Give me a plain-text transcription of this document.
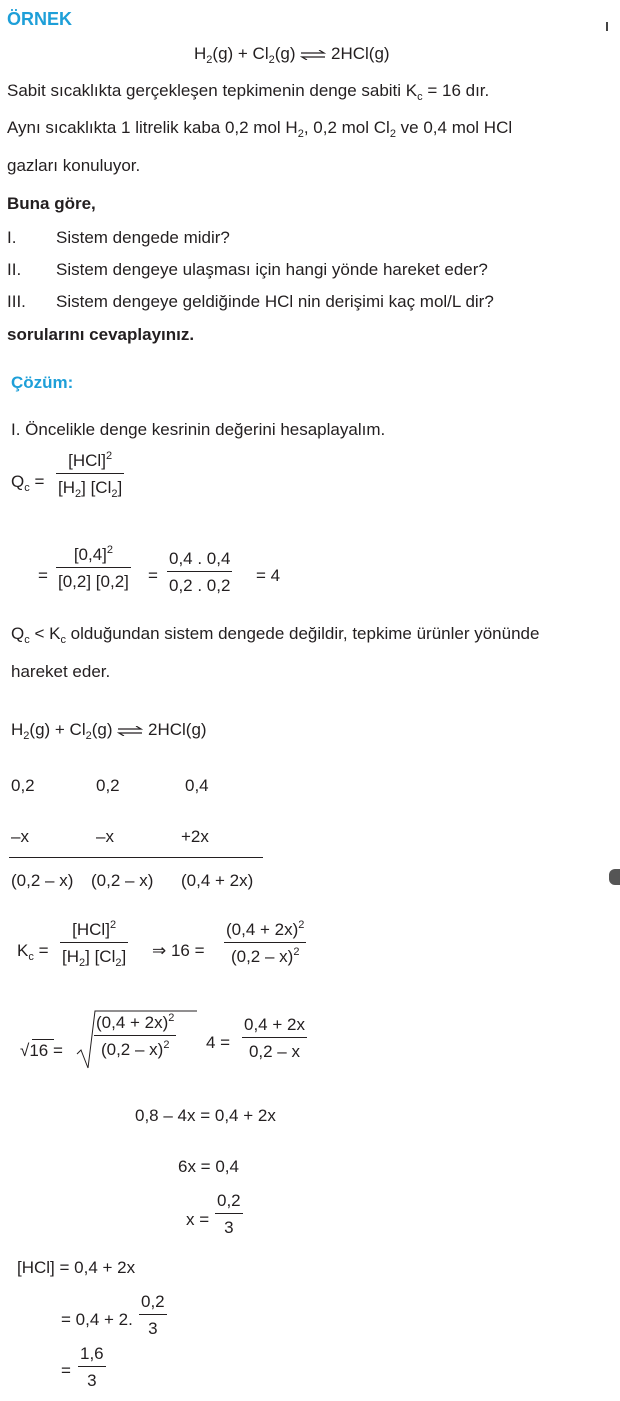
ÖRNEK
$H_2(g) + Cl_2(g)$ ⇌ 2HCl(g)
Sabit sıcaklıkta gerçekleşen tepkimenin denge sabiti $K_c = 16$ dır.
Aynı sıcaklıkta 1 litrelik kaba 0,2 mol $H_2$, 0,2 mol $Cl_2$ ve 0,4 mol HCl
gazları konuluyor.
Buna göre,
I. Sistem dengede midir?
II. Sistem dengeye ulaşması için hangi yönde hareket eder?
III. Sistem dengeye geldiğinde HCl nin derişimi kaç mol/L dir?
sorularını cevaplayınız.
Çözüm:
I. Öncelikle denge kesrinin değerini hesaplayalım.
$Q_c$ =
[HCl]$^2$
$[H_2]$ $[Cl_2]$
=
$[0,4]^2$
[0,2] [0,2] =
0,4 . 0,4
0,2 . 0,2
= 4
$Q_c < K_c$ olduğundan sistem dengede değildir, tepkime ürünler yönünde
hareket eder.
$H_2(g) + Cl_2(g)$ ⇌ 2HCl(g)
0,2	0,2	0,4
–x	–x	+2x
(0,2 – x) (0,2 – x) (0,4 + 2x)
$K_c$ =
[HCl]$^2$
$[H_2]$ $[Cl_2]$ ⇒ 16 =
$(0,4 + 2x)^2$
(0,2 – x)$^2$
√
16 =
$(0,4 + 2x)^2$
(0,2 – x)$^2$ 4 =
0,4 + 2x
0,2 – x
0,8 – 4x = 0,4 + 2x
6x = 0,4
x =
0,2
3
[HCl] = 0,4 + 2x
= 0,4 + 2.
0,2
3
=
1,6
3
